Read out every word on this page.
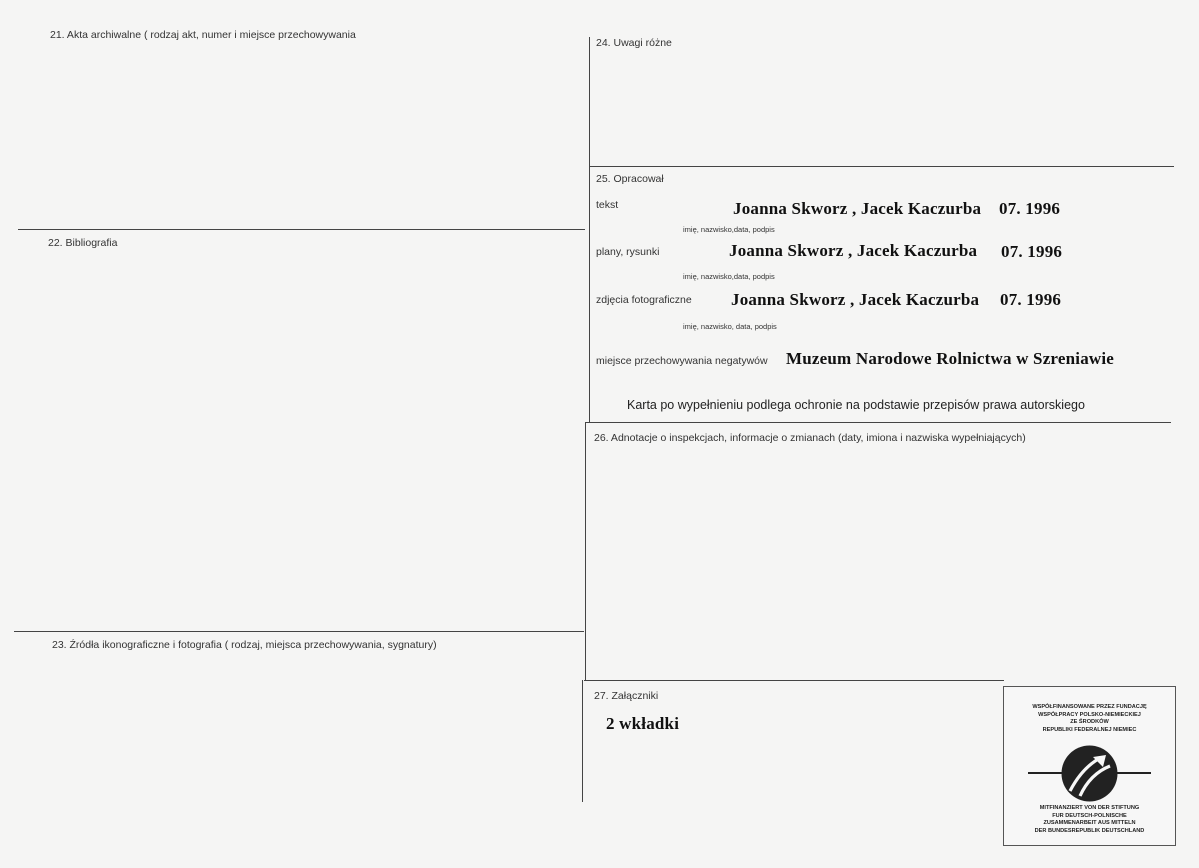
21. Akta archiwalne ( rodzaj akt, numer i miejsce przechowywania
22. Bibliografia
23. Źródła ikonograficzne i fotografia ( rodzaj, miejsca przechowywania, sygnatury)
24. Uwagi różne
25. Opracował
26. Adnotacje o inspekcjach, informacje o zmianach (daty, imiona i nazwiska wypełniających)
27. Załączniki
tekst	Joanna Skworz , Jacek Kaczurba 07. 1996
imię, nazwisko,data, podpis
plany, rysunki	Joanna Skworz , Jacek Kaczurba 07. 1996
imię, nazwisko,data, podpis
zdjęcia fotograficzne Joanna Skworz , Jacek Kaczurba 07. 1996
imię, nazwisko, data, podpis
miejsce przechowywania negatywów Muzeum Narodowe Rolnictwa w Szreniawie
Karta po wypełnieniu podlega ochronie na podstawie przepisów prawa autorskiego
2 wkładki
WSPÓŁFINANSOWANE PRZEZ FUNDACJĘ
WSPÓŁPRACY POLSKO-NIEMIECKIEJ
ZE ŚRODKÓW
REPUBLIKI FEDERALNEJ NIEMIEC
MITFINANZIERT VON DER STIFTUNG
FUR DEUTSCH-POLNISCHE
ZUSAMMENARBEIT AUS MITTELN
DER BUNDESREPUBLIK DEUTSCHLAND
